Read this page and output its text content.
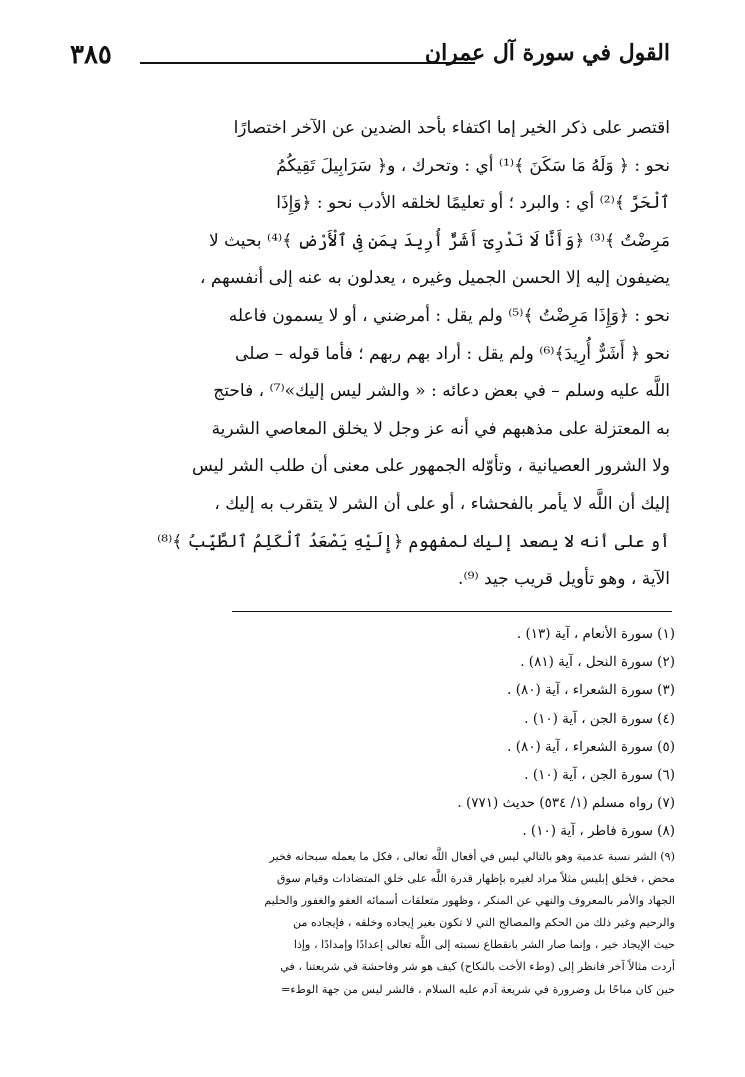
٣٨٥	القول في سورة آل عمران
اقتصر على ذكر الخير إما اكتفاء بأحد الضدين عن الآخر اختصارًا
نحو : ﴿ وَلَهُ مَا سَكَنَ ﴾⁽¹⁾ أي : وتحرك ، و﴿ سَرَابِيلَ تَقِيكُمُ
ٱلْحَرَّ ﴾⁽²⁾ أي : والبرد ؛ أو تعليمًا لخلقه الأدب نحو : ﴿وَإِذَا
مَرِضْتُ ﴾⁽³⁾ ﴿وَأَنَّا لَا نَدْرِىٓ أَشَرٌّ أُرِيدَ بِمَن فِى ٱلْأَرْضِ ﴾⁽⁴⁾ بحيث لا
يضيفون إليه إلا الحسن الجميل وغيره ، يعدلون به عنه إلى أنفسهم ،
نحو : ﴿وَإِذَا مَرِضْتُ ﴾⁽⁵⁾ ولم يقل : أمرضني ، أو لا يسمون فاعله
نحو ﴿ أَشَرٌّ أُرِيدَ﴾⁽⁶⁾ ولم يقل : أراد بهم ربهم ؛ فأما قوله – صلى
اللَّه عليه وسلم – في بعض دعائه : « والشر ليس إليك»⁽⁷⁾ ، فاحتج
به المعتزلة على مذهبهم في أنه عز وجل لا يخلق المعاصي الشرية
ولا الشرور العصيانية ، وتأوّله الجمهور على معنى أن طلب الشر ليس
إليك أن اللَّه لا يأمر بالفحشاء ، أو على أن الشر لا يتقرب به إليك ،
أو على أنه لا يصعد إليك لمفهوم ﴿إِلَيْهِ يَصْعَدُ ٱلْكَلِمُ ٱلطَّيِّبُ ﴾⁽⁸⁾
الآية ، وهو تأويل قريب جيد ⁽⁹⁾.
(١) سورة الأنعام ، آية (١٣) .
(٢) سورة النحل ، آية (٨١) .
(٣) سورة الشعراء ، آية (٨٠) .
(٤) سورة الجن ، آية (١٠) .
(٥) سورة الشعراء ، آية (٨٠) .
(٦) سورة الجن ، آية (١٠) .
(٧) رواه مسلم (١/ ٥٣٤) حديث (٧٧١) .
(٨) سورة فاطر ، آية (١٠) .
(٩) الشر نسبة عدمية وهو بالتالي ليس في أفعال اللَّه تعالى ، فكل ما يعمله سبحانه فخير
محض ، فخلق إبليس مثلاً مراد لغيره بإظهار قدرة اللَّه على خلق المتضادات وقيام سوق
الجهاد والأمر بالمعروف والنهي عن المنكر ، وظهور متعلقات أسمائه العفو والغفور والحليم
والرحيم وغير ذلك من الحكم والمصالح التي لا تكون بغير إيجاده وخلقه ، فإيجاده من
حيث الإيجاد خير ، وإنما صار الشر بانقطاع نسبته إلى اللَّه تعالى إعدادًا وإمدادًا ، وإذا
أردت مثالاً آخر فانظر إلى (وطء الأخت بالنكاح) كيف هو شر وفاحشة في شريعتنا ، في
حين كان مباحًا بل وضرورة في شريعة آدم عليه السلام ، فالشر ليس من جهة الوطء=
